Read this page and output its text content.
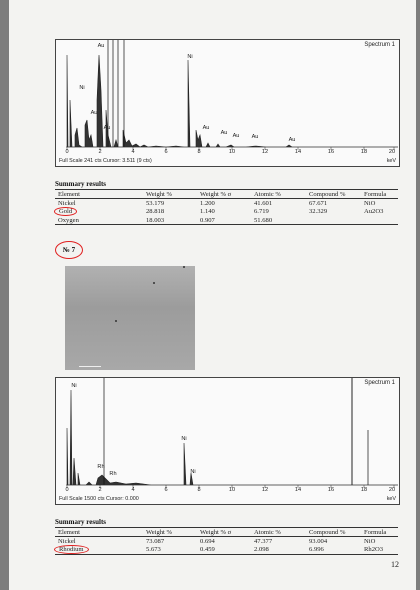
Spectrum 1
Au
Ni
Ni
Au
Au	Au
Au Au Au	Au
0	2	4	6	8	10	12	14	16	18	20
Full Scale 241 cts Cursor: 3.511 (9 cts)	keV
Summary results
Element	Weight %	Weight % σ	Atomic %	Compound %	Formula
Nickel	53.179	1.200	41.601	67.671	NiO
Gold	28.818	1.140	6.719	32.329	Au2O3
Oxygen	18.003	0.907	51.680		
№ 7
Spectrum 1
Ni
Rh
Rh
Ni
Ni
0	2	4	6	8	10	12	14	16	18	20
Full Scale 1500 cts Cursor: 0.000	keV
Summary results
Element	Weight %	Weight % σ	Atomic %	Compound %	Formula
Nickel	73.087	0.694	47.377	93.004	NiO
Rhodium	5.673	0.459	2.098	6.996	Rh2O3
12
